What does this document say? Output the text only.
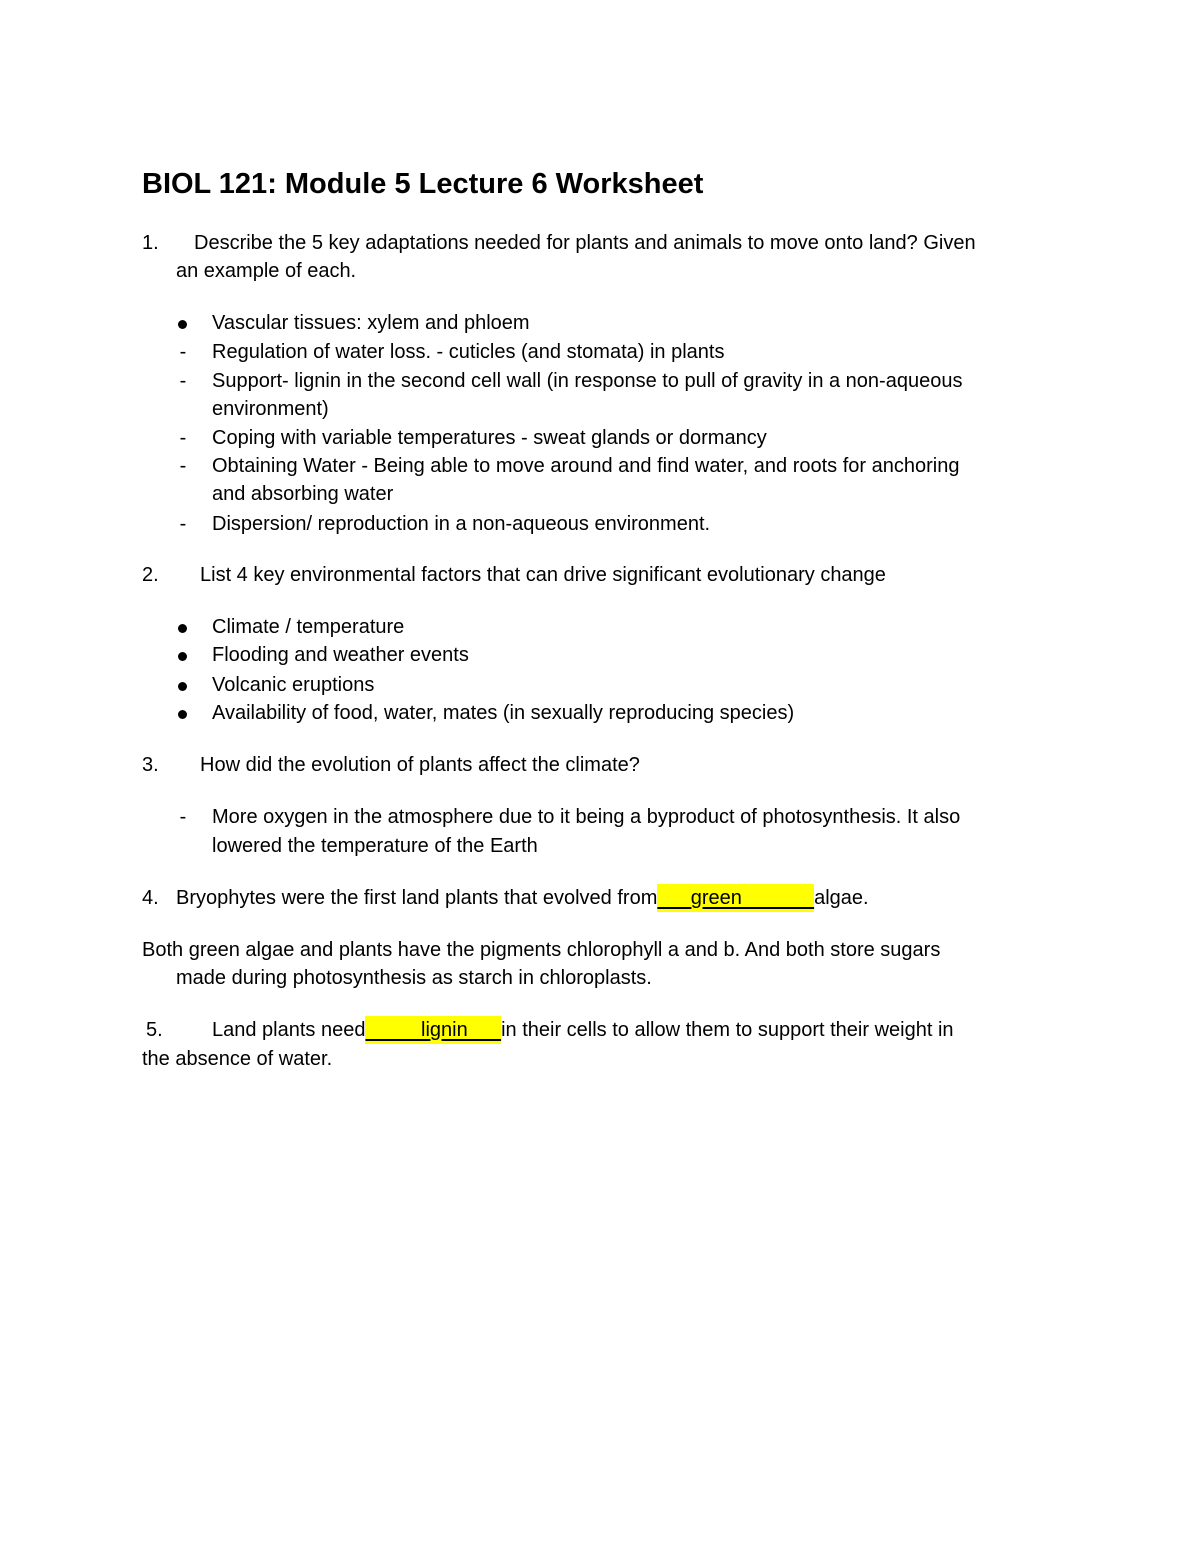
BIOL 121: Module 5 Lecture 6 Worksheet
1. Describe the 5 key adaptations needed for plants and animals to move onto land? Given
an example of each.
Vascular tissues: xylem and phloem
-	Regulation of water loss. - cuticles (and stomata) in plants
-	Support- lignin in the second cell wall (in response to pull of gravity in a non-aqueous
environment)
-	Coping with variable temperatures - sweat glands or dormancy
-	Obtaining Water - Being able to move around and find water, and roots for anchoring
and absorbing water
-	Dispersion/ reproduction in a non-aqueous environment.
2. List 4 key environmental factors that can drive significant evolutionary change
Climate / temperature
Flooding and weather events
Volcanic eruptions
Availability of food, water, mates (in sexually reproducing species)
3. How did the evolution of plants affect the climate?
-	More oxygen in the atmosphere due to it being a byproduct of photosynthesis. It also
lowered the temperature of the Earth
4. Bryophytes were the first land plants that evolved from      green             algae.
Both green algae and plants have the pigments chlorophyll a and b. And both store sugars
made during photosynthesis as starch in chloroplasts.
5. Land plants need          lignin      in their cells to allow them to support their weight in
the absence of water.
